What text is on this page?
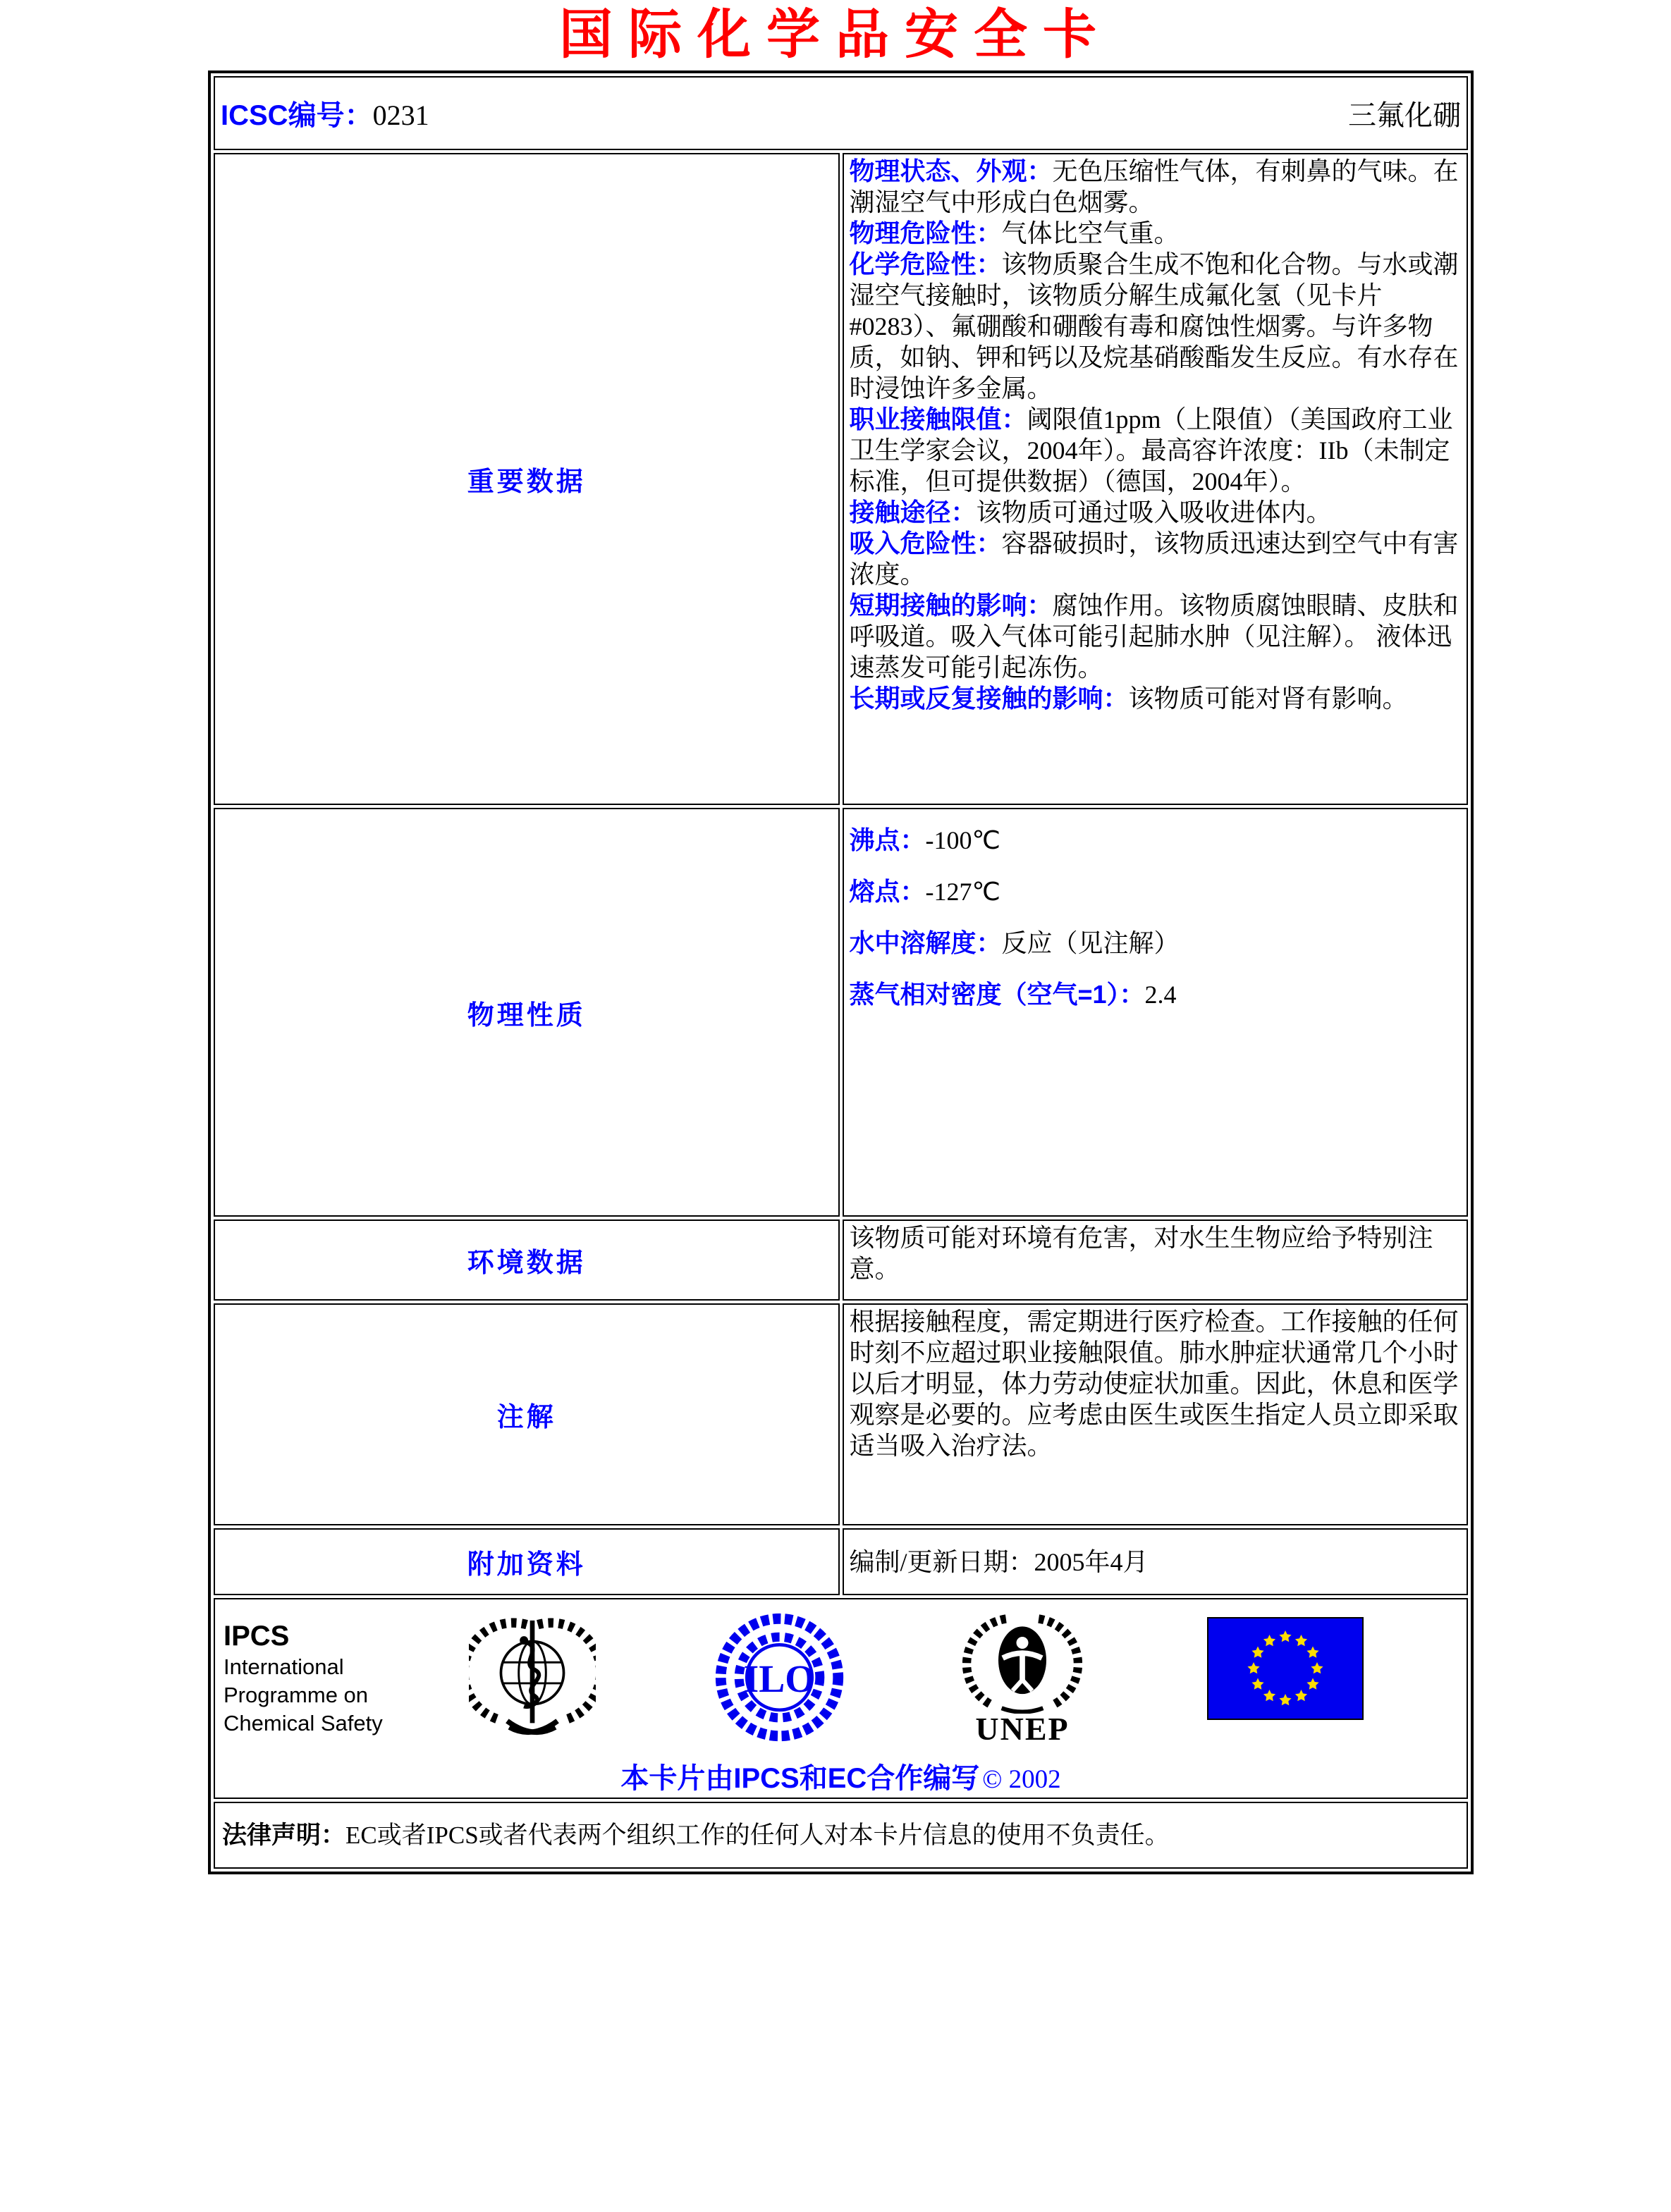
国际化学品安全卡
ICSC编号：0231 三氟化硼	

重要数据	
物理状态、外观：无色压缩性气体，有刺鼻的气味。在潮湿空气中形成白色烟雾。
物理危险性：气体比空气重。
化学危险性：该物质聚合生成不饱和化合物。与水或潮湿空气接触时，该物质分解生成氟化氢（见卡片#0283）、氟硼酸和硼酸有毒和腐蚀性烟雾。与许多物质，如钠、钾和钙以及烷基硝酸酯发生反应。有水存在时浸蚀许多金属。
职业接触限值：阈限值1ppm（上限值）（美国政府工业卫生学家会议，2004年）。最高容许浓度：IIb（未制定标准，但可提供数据）（德国，2004年）。
接触途径：该物质可通过吸入吸收进体内。
吸入危险性：容器破损时，该物质迅速达到空气中有害浓度。
短期接触的影响：腐蚀作用。该物质腐蚀眼睛、皮肤和呼吸道。吸入气体可能引起肺水肿（见注解）。 液体迅速蒸发可能引起冻伤。
长期或反复接触的影响：该物质可能对肾有影响。

物理性质	沸点：-100℃
熔点：-127℃
水中溶解度：反应（见注解）
蒸气相对密度（空气=1）：2.4

环境数据	该物质可能对环境有危害，对水生生物应给予特别注意。

注解	根据接触程度，需定期进行医疗检查。工作接触的任何时刻不应超过职业接触限值。肺水肿症状通常几个小时以后才明显，体力劳动使症状加重。因此，休息和医学观察是必要的。应考虑由医生或医生指定人员立即采取适当吸入治疗法。

附加资料	编制/更新日期：2005年4月

IPCS
International
Programme on
Chemical Safety
ILO
UNEP
本卡片由IPCS和EC合作编写 © 2002

法律声明：EC或者IPCS或者代表两个组织工作的任何人对本卡片信息的使用不负责任。	
